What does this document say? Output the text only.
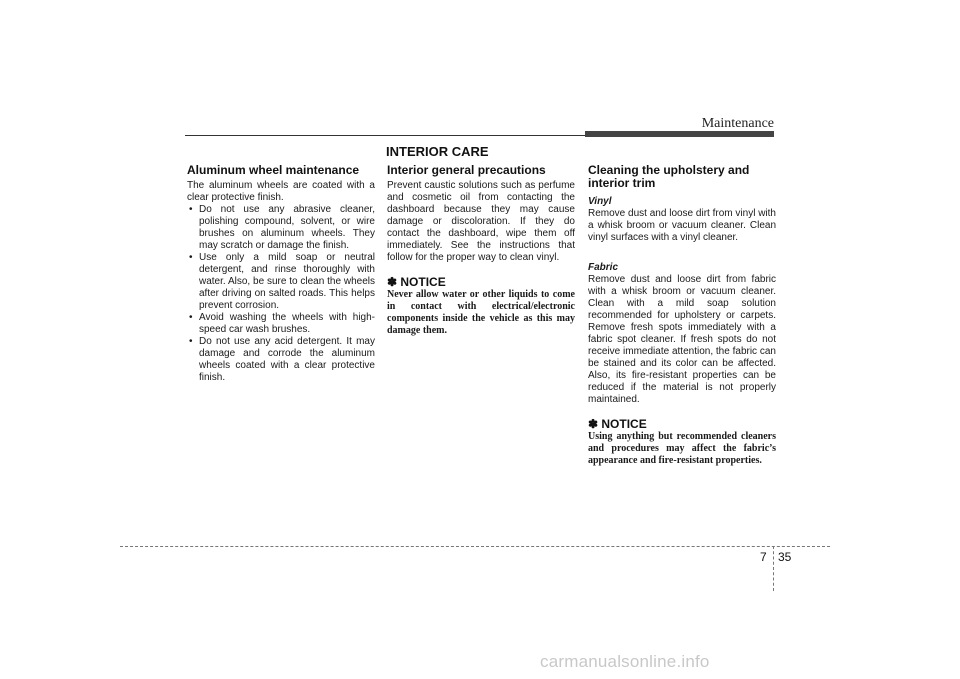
Maintenance
INTERIOR CARE
Aluminum wheel maintenance

The aluminum wheels are coated with a clear protective finish.

• Do not use any abrasive cleaner, polishing compound, solvent, or wire brushes on aluminum wheels. They may scratch or damage the finish.
• Use only a mild soap or neutral detergent, and rinse thoroughly with water. Also, be sure to clean the wheels after driving on salted roads. This helps prevent corrosion.
• Avoid washing the wheels with high-speed car wash brushes.
• Do not use any acid detergent. It may damage and corrode the aluminum wheels coated with a clear protective finish.
Interior general precautions

Prevent caustic solutions such as perfume and cosmetic oil from contacting the dashboard because they may cause damage or discoloration. If they do contact the dashboard, wipe them off immediately. See the instructions that follow for the proper way to clean vinyl.

✽ NOTICE

Never allow water or other liquids to come in contact with electrical/electronic components inside the vehicle as this may damage them.

Cleaning the upholstery and interior trim
Vinyl

Remove dust and loose dirt from vinyl with a whisk broom or vacuum cleaner. Clean vinyl surfaces with a vinyl cleaner.

Fabric

Remove dust and loose dirt from fabric with a whisk broom or vacuum cleaner. Clean with a mild soap solution recommended for upholstery or carpets. Remove fresh spots immediately with a fabric spot cleaner. If fresh spots do not receive immediate attention, the fabric can be stained and its color can be affected. Also, its fire-resistant properties can be reduced if the material is not properly maintained.

✽ NOTICE

Using anything but recommended cleaners and procedures may affect the fabric’s appearance and fire-resistant properties.

7 35
carmanualsonline.info
